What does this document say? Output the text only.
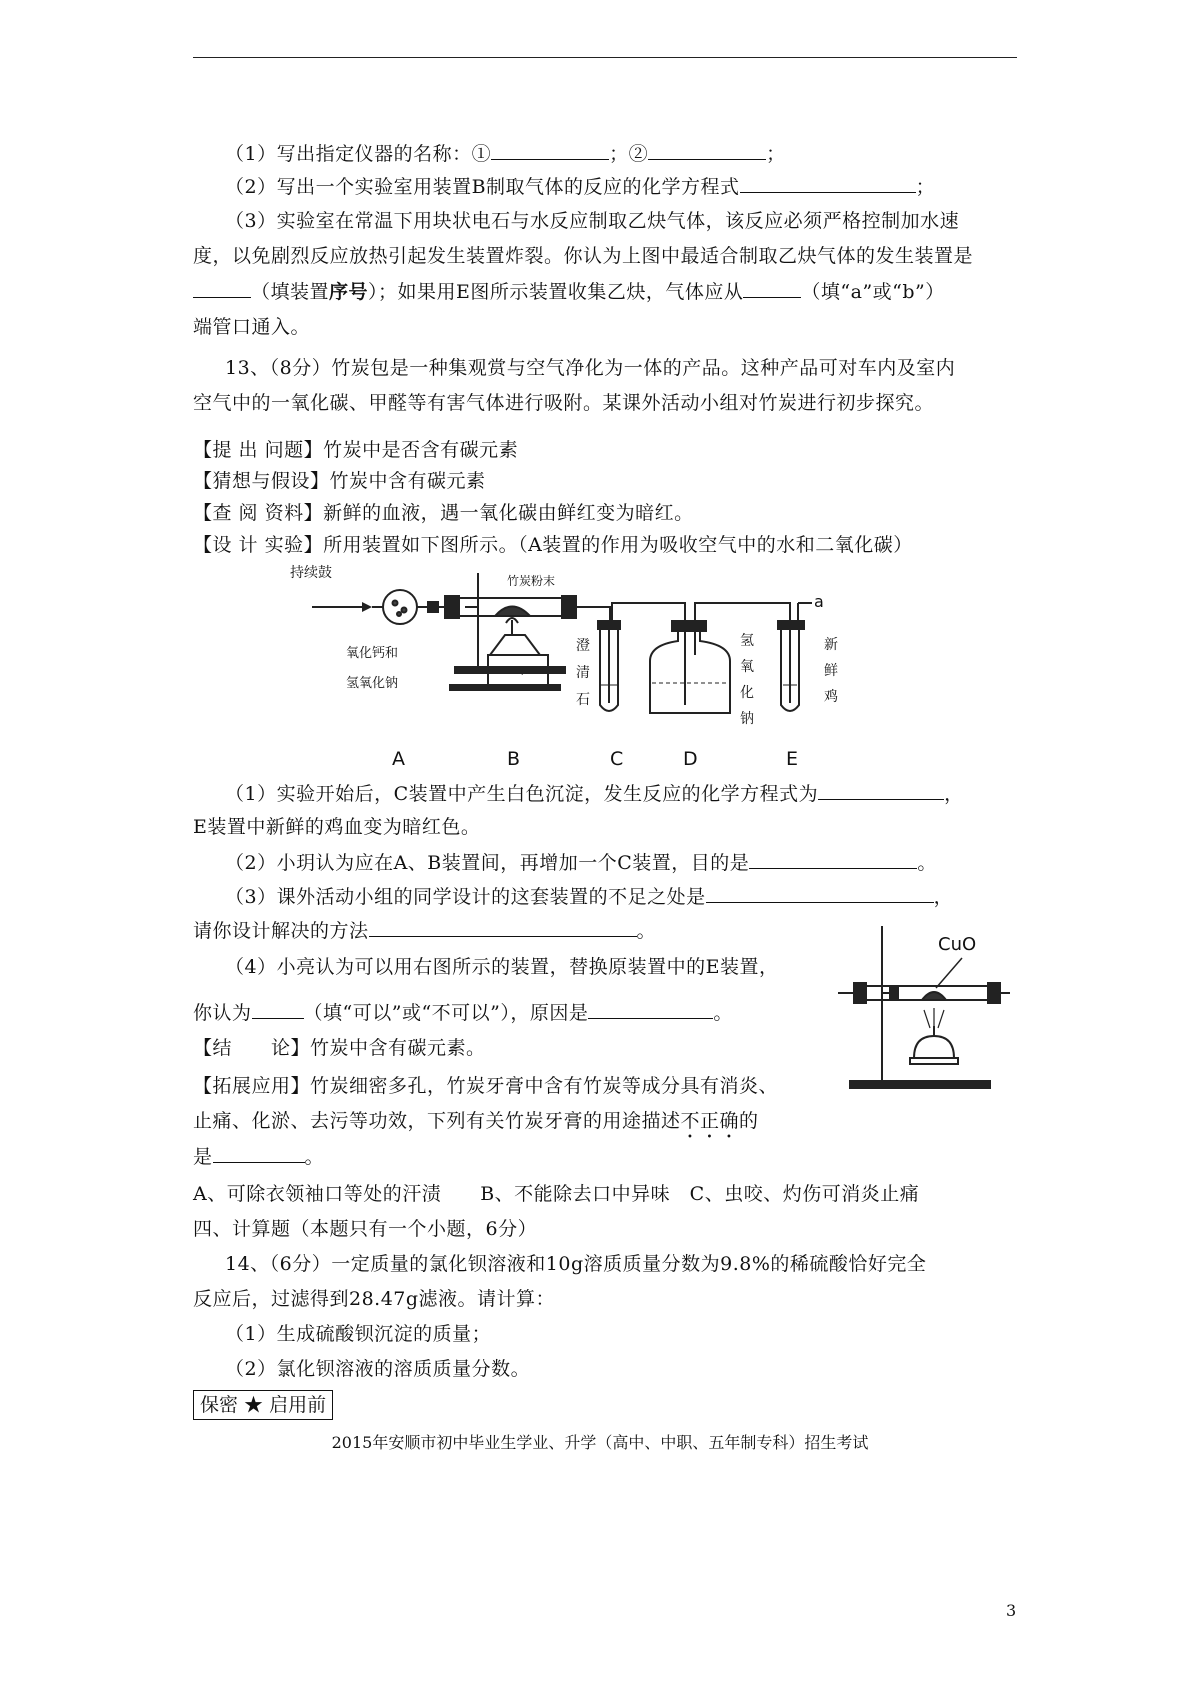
（1）写出指定仪器的名称：①	；②	；
（2）写出一个实验室用装置B制取气体的反应的化学方程式	；
（3）实验室在常温下用块状电石与水反应制取乙炔气体，该反应必须严格控制加水速
度，以免剧烈反应放热引起发生装置炸裂。你认为上图中最适合制取乙炔气体的发生装置是
（填装置序号）；如果用E图所示装置收集乙炔，气体应从	（填“a”或“b”）
端管口通入。
13、（8分）竹炭包是一种集观赏与空气净化为一体的产品。这种产品可对车内及室内
空气中的一氧化碳、甲醛等有害气体进行吸附。某课外活动小组对竹炭进行初步探究。
【提 出 问题】竹炭中是否含有碳元素
【猜想与假设】竹炭中含有碳元素
【查 阅 资料】新鲜的血液，遇一氧化碳由鲜红变为暗红。
【设 计 实验】所用装置如下图所示。（A装置的作用为吸收空气中的水和二氧化碳）
+
持续鼓	竹炭粉末
a
氧化钙和
氢氧化钠
澄
清
石
氢
氧
化
钠
新
鲜
鸡
A	B	C	D	E
（1）实验开始后，C装置中产生白色沉淀，发生反应的化学方程式为	，
E装置中新鲜的鸡血变为暗红色。
（2）小玥认为应在A、B装置间，再增加一个C装置，目的是	。
（3）课外活动小组的同学设计的这套装置的不足之处是	，
请你设计解决的方法	。
（4）小亮认为可以用右图所示的装置，替换原装置中的E装置，
你认为	（填“可以”或“不可以”），原因是	。
CuO
【结　　论】竹炭中含有碳元素。
【拓展应用】竹炭细密多孔，竹炭牙膏中含有竹炭等成分具有消炎、
止痛、化淤、去污等功效，下列有关竹炭牙膏的用途描述不正确的
是	。
A、可除衣领袖口等处的汗渍　　B、不能除去口中异味　C、虫咬、灼伤可消炎止痛
四、计算题（本题只有一个小题，6分）
14、（6分）一定质量的氯化钡溶液和10g溶质质量分数为9.8%的稀硫酸恰好完全
反应后，过滤得到28.47g滤液。请计算：
（1）生成硫酸钡沉淀的质量；
（2）氯化钡溶液的溶质质量分数。
保密 ★ 启用前
2015年安顺市初中毕业生学业、升学（高中、中职、五年制专科）招生考试
3
